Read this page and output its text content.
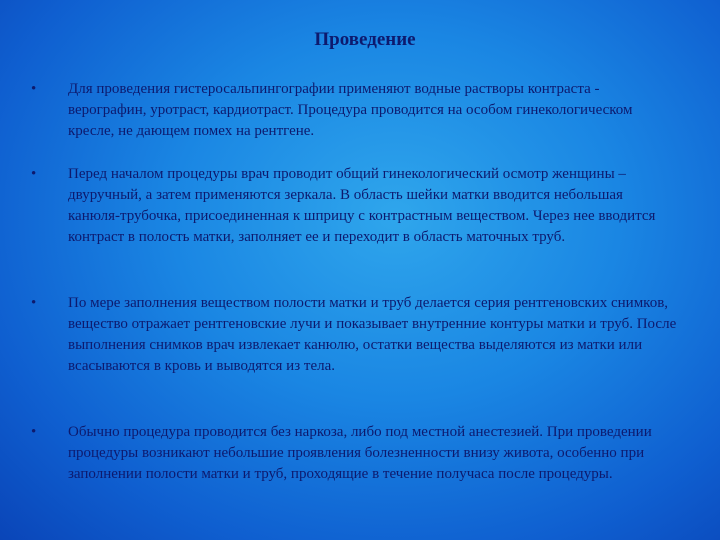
Проведение
• Для проведения гистеросальпингографии применяют водные растворы контраста - верографин, уротраст, кардиотраст. Процедура проводится на особом гинекологическом кресле, не дающем помех на рентгене.
• Перед началом процедуры врач проводит общий гинекологический осмотр женщины – двуручный, а затем применяются зеркала. В область шейки матки вводится небольшая канюля-трубочка, присоединенная к шприцу с контрастным веществом. Через нее вводится контраст в полость матки, заполняет ее и переходит в область маточных труб.
• По мере заполнения веществом полости матки и труб делается серия рентгеновских снимков, вещество отражает рентгеновские лучи и показывает внутренние контуры матки и труб. После выполнения снимков врач извлекает канюлю, остатки вещества выделяются из матки или всасываются в кровь и выводятся из тела.
• Обычно процедура проводится без наркоза, либо под местной анестезией. При проведении процедуры возникают небольшие проявления болезненности внизу живота, особенно при заполнении полости матки и труб, проходящие в течение получаса после процедуры.
